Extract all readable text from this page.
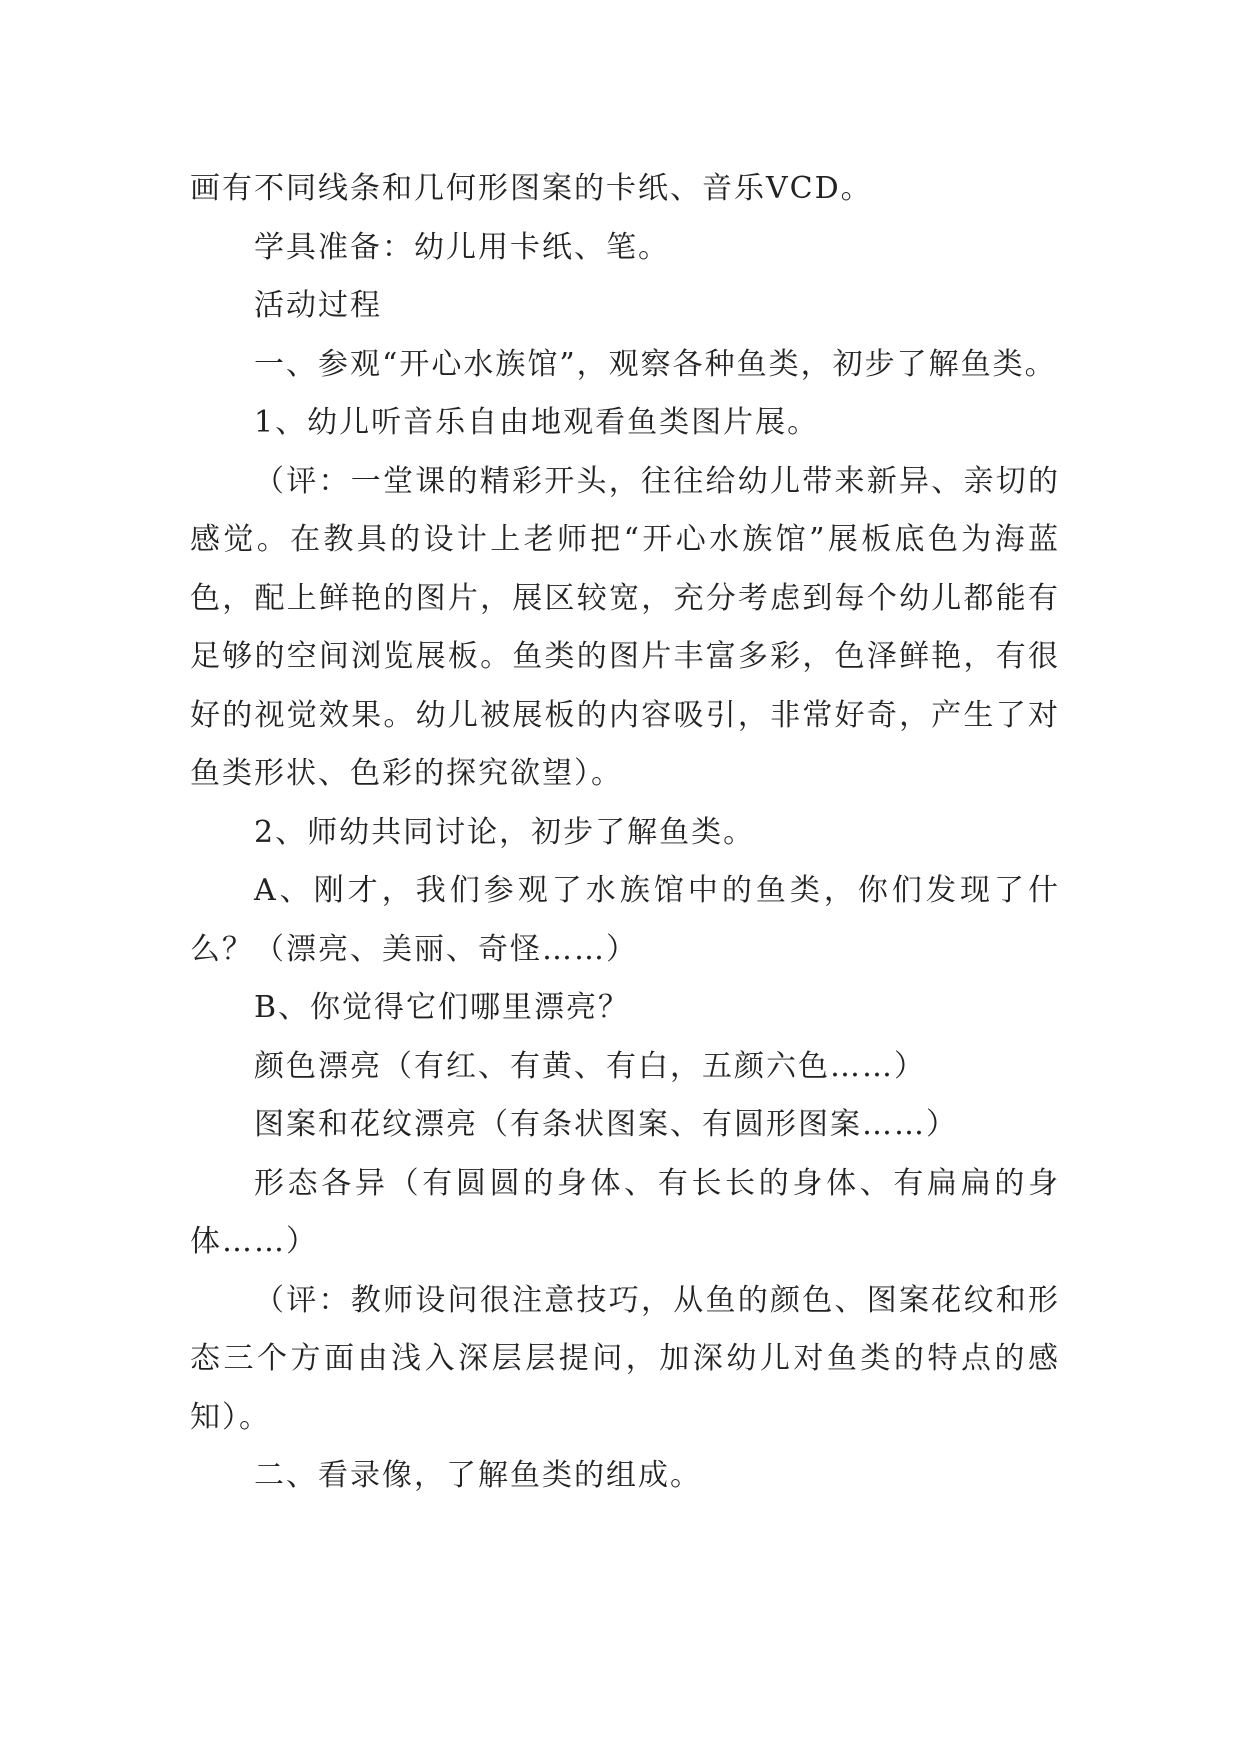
画有不同线条和几何形图案的卡纸、音乐VCD。

学具准备：幼儿用卡纸、笔。

活动过程

一、参观“开心水族馆”，观察各种鱼类，初步了解鱼类。

1、幼儿听音乐自由地观看鱼类图片展。

（评：一堂课的精彩开头，往往给幼儿带来新异、亲切的感觉。在教具的设计上老师把“开心水族馆”展板底色为海蓝色，配上鲜艳的图片，展区较宽，充分考虑到每个幼儿都能有足够的空间浏览展板。鱼类的图片丰富多彩，色泽鲜艳，有很好的视觉效果。幼儿被展板的内容吸引，非常好奇，产生了对鱼类形状、色彩的探究欲望）。

2、师幼共同讨论，初步了解鱼类。

A、刚才，我们参观了水族馆中的鱼类，你们发现了什么？（漂亮、美丽、奇怪……）

B、你觉得它们哪里漂亮？

颜色漂亮（有红、有黄、有白，五颜六色……）

图案和花纹漂亮（有条状图案、有圆形图案……）

形态各异（有圆圆的身体、有长长的身体、有扁扁的身体……）

（评：教师设问很注意技巧，从鱼的颜色、图案花纹和形态三个方面由浅入深层层提问，加深幼儿对鱼类的特点的感知）。

二、看录像，了解鱼类的组成。
